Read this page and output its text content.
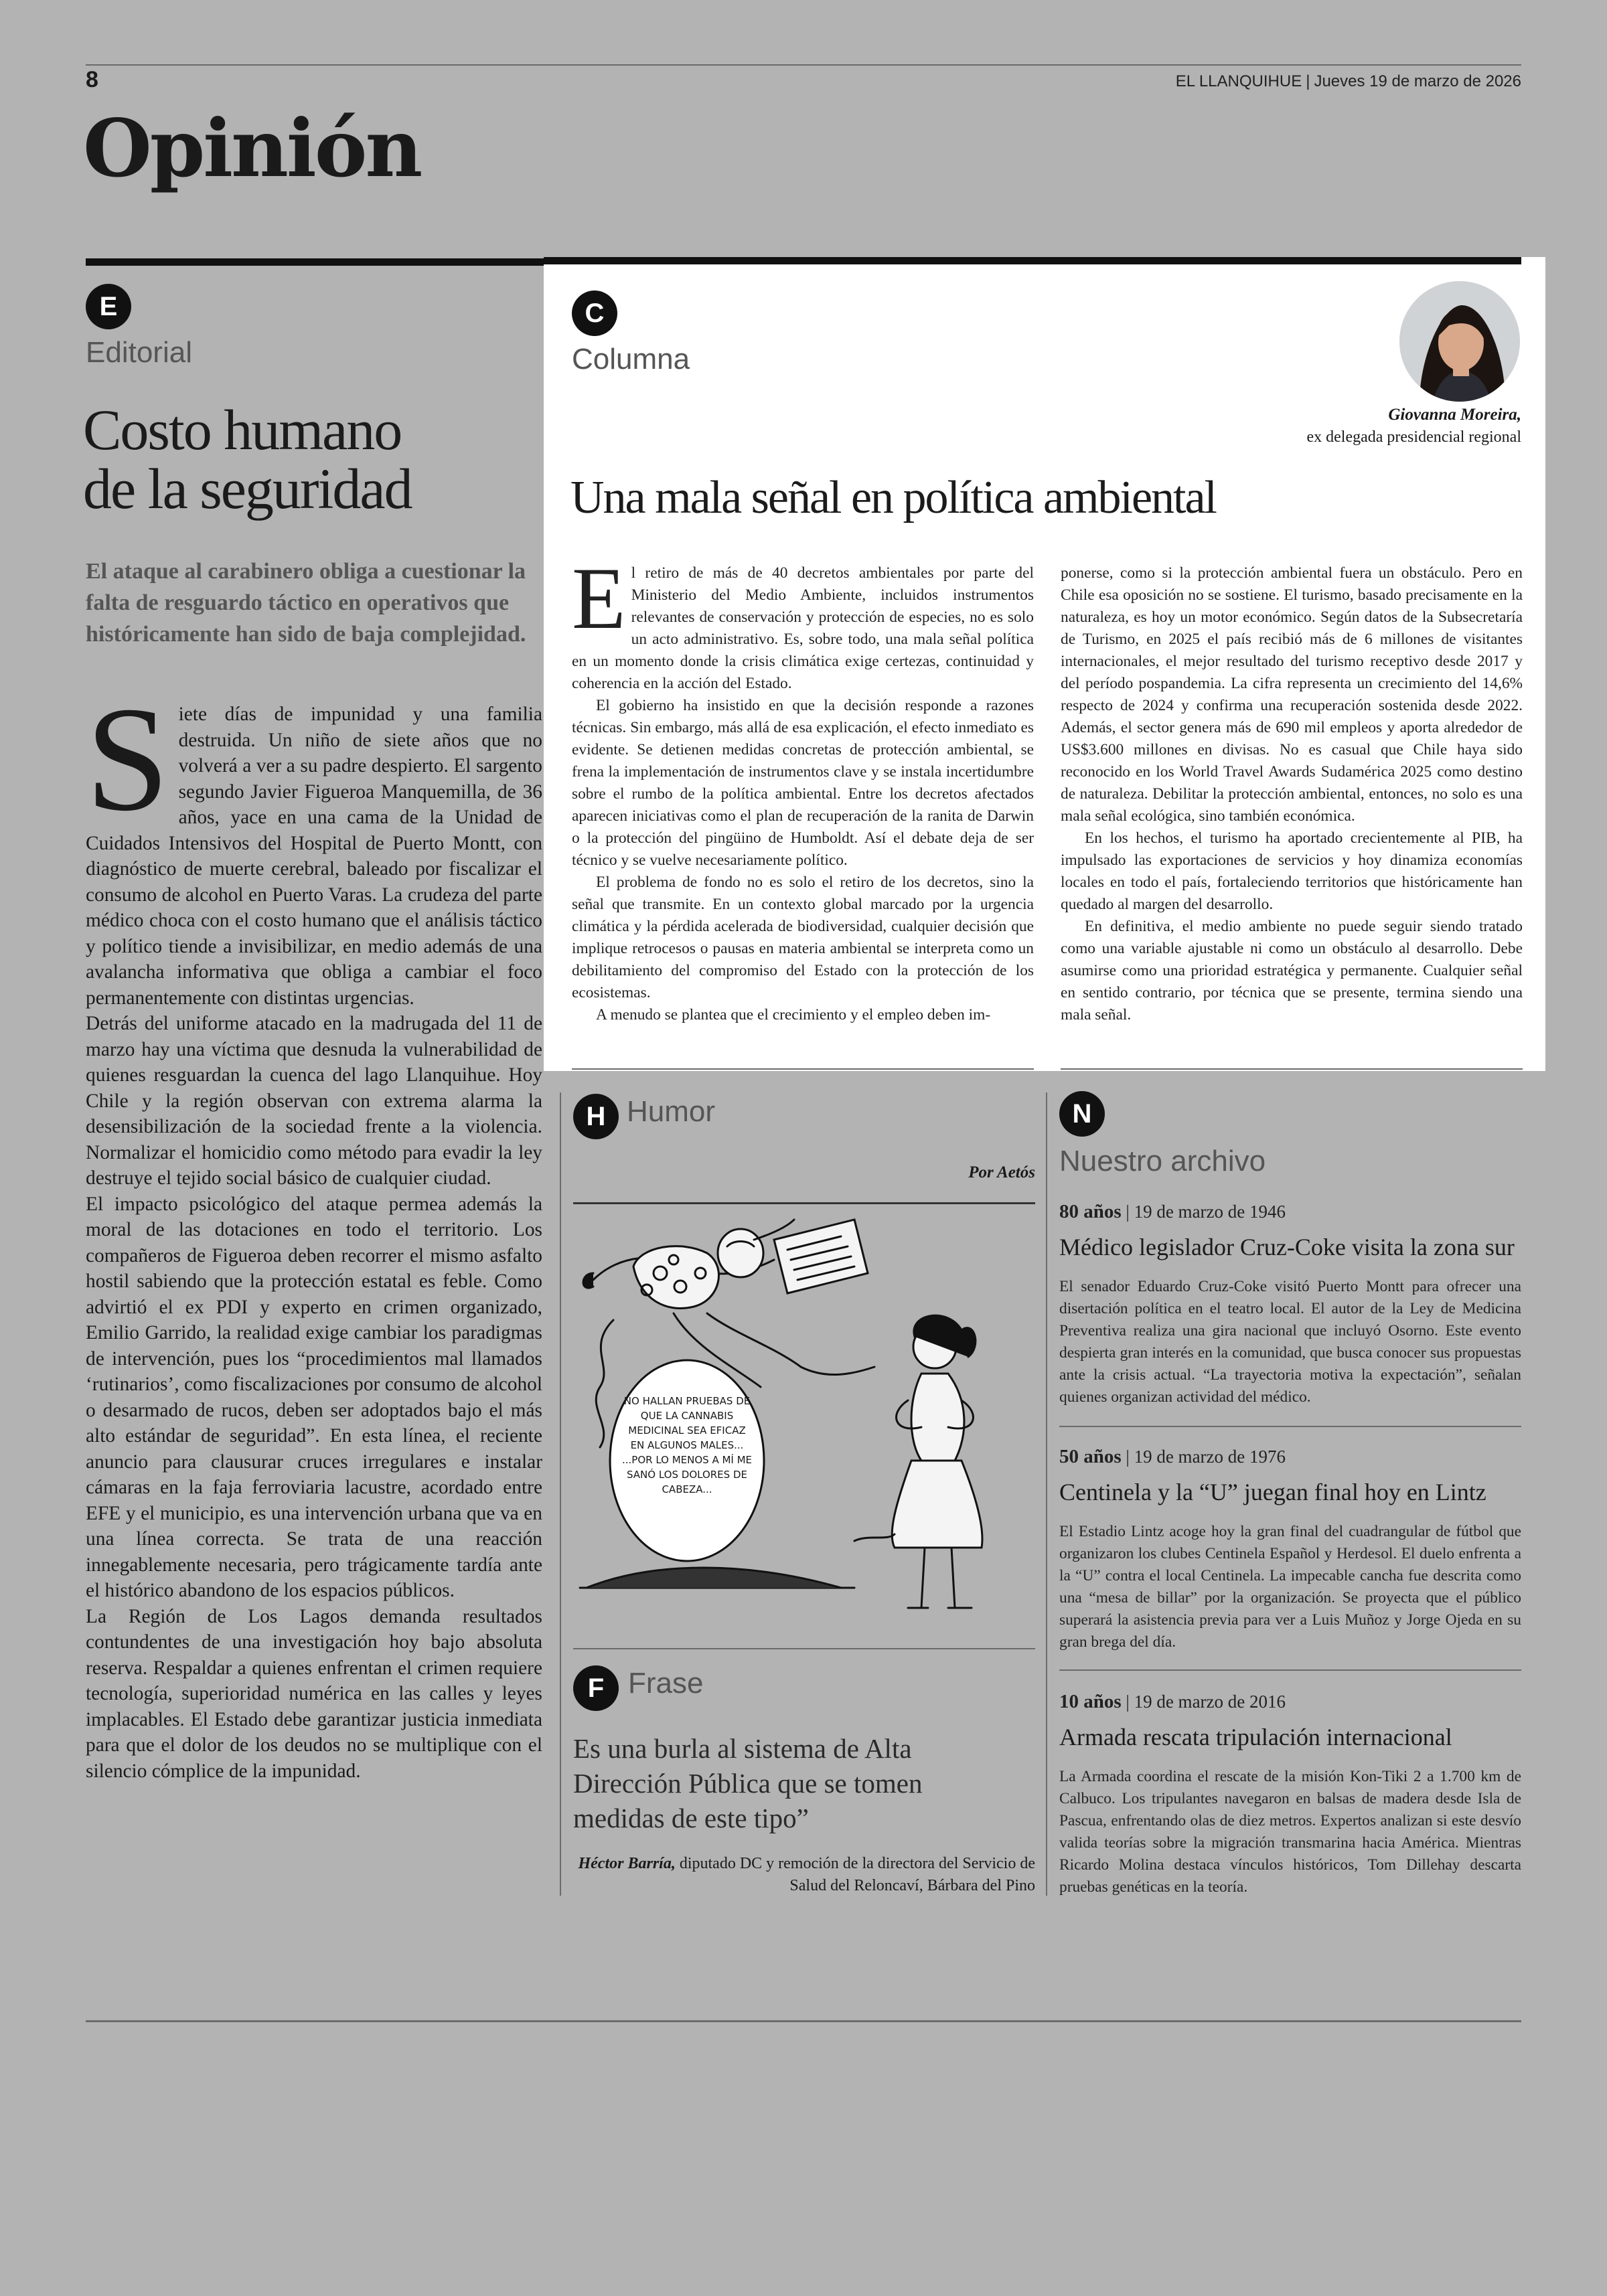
8	EL LLANQUIHUE | Jueves 19 de marzo de 2026
Opinión
E
Editorial
Costo humano
de la seguridad
El ataque al carabinero obliga a cuestionar la falta de resguardo táctico en operativos que históricamente han sido de baja complejidad.

Siete días de impunidad y una familia destruida. Un niño de siete años que no volverá a ver a su padre despierto. El sargento segundo Javier Figueroa Manquemilla, de 36 años, yace en una cama de la Unidad de Cuidados Intensivos del Hospital de Puerto Montt, con diagnóstico de muerte cerebral, baleado por fiscalizar el consumo de alcohol en Puerto Varas. La crudeza del parte médico choca con el costo humano que el análisis táctico y político tiende a invisibilizar, en medio además de una avalancha informativa que obliga a cambiar el foco permanentemente con distintas urgencias.

Detrás del uniforme atacado en la madrugada del 11 de marzo hay una víctima que desnuda la vulnerabilidad de quienes resguardan la cuenca del lago Llanquihue. Hoy Chile y la región observan con extrema alarma la desensibilización de la sociedad frente a la violencia. Normalizar el homicidio como método para evadir la ley destruye el tejido social básico de cualquier ciudad.

El impacto psicológico del ataque permea además la moral de las dotaciones en todo el territorio. Los compañeros de Figueroa deben recorrer el mismo asfalto hostil sabiendo que la protección estatal es feble. Como advirtió el ex PDI y experto en crimen organizado, Emilio Garrido, la realidad exige cambiar los paradigmas de intervención, pues los “procedimientos mal llamados ‘rutinarios’, como fiscalizaciones por consumo de alcohol o desarmado de rucos, deben ser adoptados bajo el más alto estándar de seguridad”. En esta línea, el reciente anuncio para clausurar cruces irregulares e instalar cámaras en la faja ferroviaria lacustre, acordado entre EFE y el municipio, es una intervención urbana que va en una línea correcta. Se trata de una reacción innegablemente necesaria, pero trágicamente tardía ante el histórico abandono de los espacios públicos.

La Región de Los Lagos demanda resultados contundentes de una investigación hoy bajo absoluta reserva. Respaldar a quienes enfrentan el crimen requiere tecnología, superioridad numérica en las calles y leyes implacables. El Estado debe garantizar justicia inmediata para que el dolor de los deudos no se multiplique con el silencio cómplice de la impunidad.

C
Columna
Giovanna Moreira,
ex delegada presidencial regional
Una mala señal en política ambiental

El retiro de más de 40 decretos ambientales por parte del Ministerio del Medio Ambiente, incluidos instrumentos relevantes de conservación y protección de especies, no es solo un acto administrativo. Es, sobre todo, una mala señal política en un momento donde la crisis climática exige certezas, continuidad y coherencia en la acción del Estado.

El gobierno ha insistido en que la decisión responde a razones técnicas. Sin embargo, más allá de esa explicación, el efecto inmediato es evidente. Se detienen medidas concretas de protección ambiental, se frena la implementación de instrumentos clave y se instala incertidumbre sobre el rumbo de la política ambiental. Entre los decretos afectados aparecen iniciativas como el plan de recuperación de la ranita de Darwin o la protección del pingüino de Humboldt. Así el debate deja de ser técnico y se vuelve necesariamente político.

El problema de fondo no es solo el retiro de los decretos, sino la señal que transmite. En un contexto global marcado por la urgencia climática y la pérdida acelerada de biodiversidad, cualquier decisión que implique retrocesos o pausas en materia ambiental se interpreta como un debilitamiento del compromiso del Estado con la protección de los ecosistemas.

A menudo se plantea que el crecimiento y el empleo deben im-

ponerse, como si la protección ambiental fuera un obstáculo. Pero en Chile esa oposición no se sostiene. El turismo, basado precisamente en la naturaleza, es hoy un motor económico. Según datos de la Subsecretaría de Turismo, en 2025 el país recibió más de 6 millones de visitantes internacionales, el mejor resultado del turismo receptivo desde 2017 y del período pospandemia. La cifra representa un crecimiento del 14,6% respecto de 2024 y confirma una recuperación sostenida desde 2022. Además, el sector genera más de 690 mil empleos y aporta alrededor de US$3.600 millones en divisas. No es casual que Chile haya sido reconocido en los World Travel Awards Sudamérica 2025 como destino de naturaleza. Debilitar la protección ambiental, entonces, no solo es una mala señal ecológica, sino también económica.

En los hechos, el turismo ha aportado crecientemente al PIB, ha impulsado las exportaciones de servicios y hoy dinamiza economías locales en todo el país, fortaleciendo territorios que históricamente han quedado al margen del desarrollo.

En definitiva, el medio ambiente no puede seguir siendo tratado como una variable ajustable ni como un obstáculo al desarrollo. Debe asumirse como una prioridad estratégica y permanente. Cualquier señal en sentido contrario, por técnica que se presente, termina siendo una mala señal.

H Humor
Por Aetós
NO HALLAN PRUEBAS DE QUE LA CANNABIS MEDICINAL SEA EFICAZ EN ALGUNOS MALES... ...POR LO MENOS A MÍ ME SANÓ LOS DOLORES DE CABEZA...
F Frase
Es una burla al sistema de Alta Dirección Pública que se tomen medidas de este tipo”
Héctor Barría, diputado DC y remoción de la directora del Servicio de Salud del Reloncaví, Bárbara del Pino
N
Nuestro archivo
80 años | 19 de marzo de 1946
Médico legislador Cruz-Coke visita la zona sur
El senador Eduardo Cruz-Coke visitó Puerto Montt para ofrecer una disertación política en el teatro local. El autor de la Ley de Medicina Preventiva realiza una gira nacional que incluyó Osorno. Este evento despierta gran interés en la comunidad, que busca conocer sus propuestas ante la crisis actual. “La trayectoria motiva la expectación”, señalan quienes organizan actividad del médico.
50 años | 19 de marzo de 1976
Centinela y la “U” juegan final hoy en Lintz
El Estadio Lintz acoge hoy la gran final del cuadrangular de fútbol que organizaron los clubes Centinela Español y Herdesol. El duelo enfrenta a la “U” contra el local Centinela. La impecable cancha fue descrita como una “mesa de billar” por la organización. Se proyecta que el público superará la asistencia previa para ver a Luis Muñoz y Jorge Ojeda en su gran bregа del día.
10 años | 19 de marzo de 2016
Armada rescata tripulación internacional
La Armada coordina el rescate de la misión Kon-Tiki 2 a 1.700 km de Calbuco. Los tripulantes navegaron en balsas de madera desde Isla de Pascua, enfrentando olas de diez metros. Expertos analizan si este desvío valida teorías sobre la migración transmarina hacia América. Mientras Ricardo Molina destaca vínculos históricos, Tom Dillehay descarta pruebas genéticas en la teoría.
